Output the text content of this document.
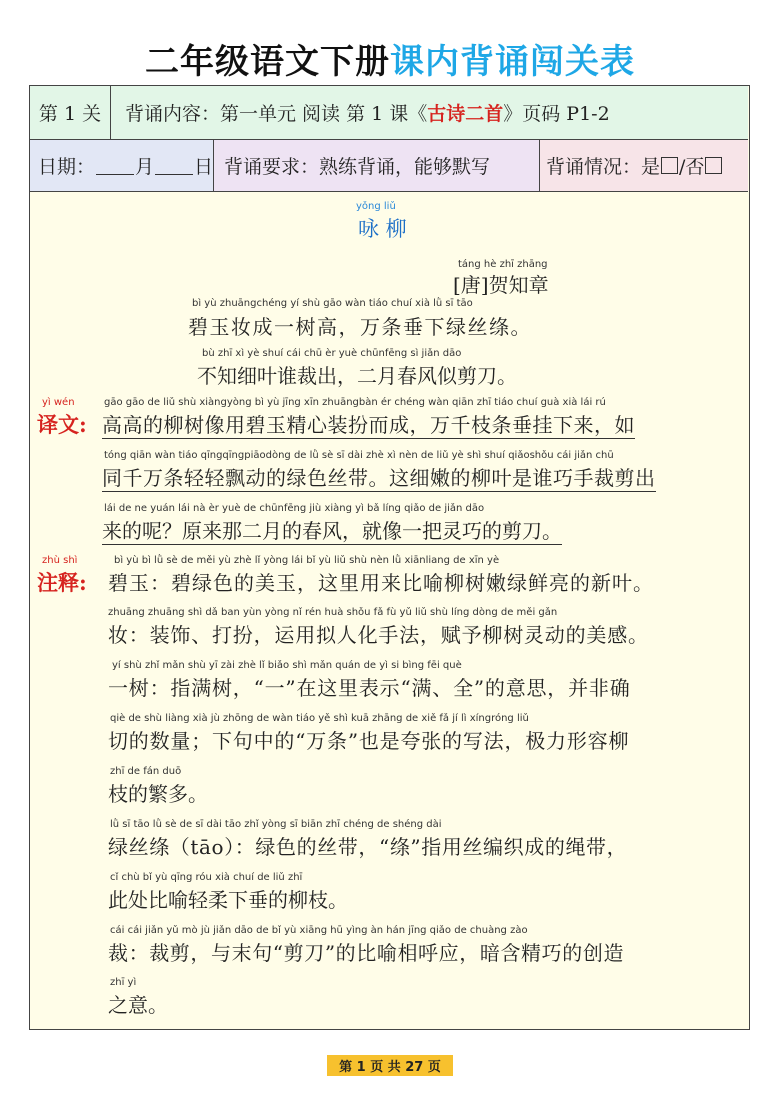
二年级语文下册课内背诵闯关表
第 1 关	背诵内容：第一单元 阅读 第 1 课《 古诗二首 》页码 P1-2
日期： 月 日 背诵要求：熟练背诵，能够默写	背诵情况：是 /否
yǒng liǔ
咏 柳
táng hè zhī zhāng
[唐]贺知章
bì yù zhuāngchéng yí shù gāo wàn tiáo chuí xià lǜ sī tāo
碧玉妆成一树高，万条垂下绿丝绦。
bù zhī xì yè shuí cái chū èr yuè chūnfēng sì jiǎn dāo
不知细叶谁裁出，二月春风似剪刀。
yì wén
译文:
gāo gāo de liǔ shù xiàngyòng bì yù jīng xīn zhuāngbàn ér chéng wàn qiān zhī tiáo chuí guà xià lái rú
高高的柳树像用碧玉精心装扮而成，万千枝条垂挂下来，如
tóng qiān wàn tiáo qīngqīngpiāodòng de lǜ sè sī dài zhè xì nèn de liǔ yè shì shuí qiǎoshǒu cái jiǎn chū
同千万条轻轻飘动的绿色丝带。这细嫩的柳叶是谁巧手裁剪出
lái de ne yuán lái nà èr yuè de chūnfēng jiù xiàng yì bǎ líng qiǎo de jiǎn dāo
来的呢？原来那二月的春风，就像一把灵巧的剪刀。
zhù shì
注释:
bì yù bì lǜ sè de měi yù zhè lǐ yòng lái bǐ yù liǔ shù nèn lǜ xiānliang de xīn yè
碧玉：碧绿色的美玉，这里用来比喻柳树嫩绿鲜亮的新叶。
zhuāng zhuāng shì dǎ ban yùn yòng nǐ rén huà shǒu fǎ fù yǔ liǔ shù líng dòng de měi gǎn
妆：装饰、打扮，运用拟人化手法，赋予柳树灵动的美感。
yí shù zhǐ mǎn shù yī zài zhè lǐ biǎo shì mǎn quán de yì si bìng fēi què
一树：指满树，“一”在这里表示“满、全”的意思，并非确
qiè de shù liàng xià jù zhōng de wàn tiáo yě shì kuā zhāng de xiě fǎ jí lì xíngróng liǔ
切的数量；下句中的“万条”也是夸张的写法，极力形容柳
zhī de fán duō
枝的繁多。
lǜ sī tāo lǜ sè de sī dài tāo zhǐ yòng sī biān zhī chéng de shéng dài
绿丝绦（tāo）：绿色的丝带，“绦”指用丝编织成的绳带，
cǐ chù bǐ yù qīng róu xià chuí de liǔ zhī
此处比喻轻柔下垂的柳枝。
cái cái jiǎn yǔ mò jù jiǎn dāo de bǐ yù xiāng hū yìng àn hán jīng qiǎo de chuàng zào
裁：裁剪，与末句“剪刀”的比喻相呼应，暗含精巧的创造
zhī yì
之意。
第 1 页 共 27 页
